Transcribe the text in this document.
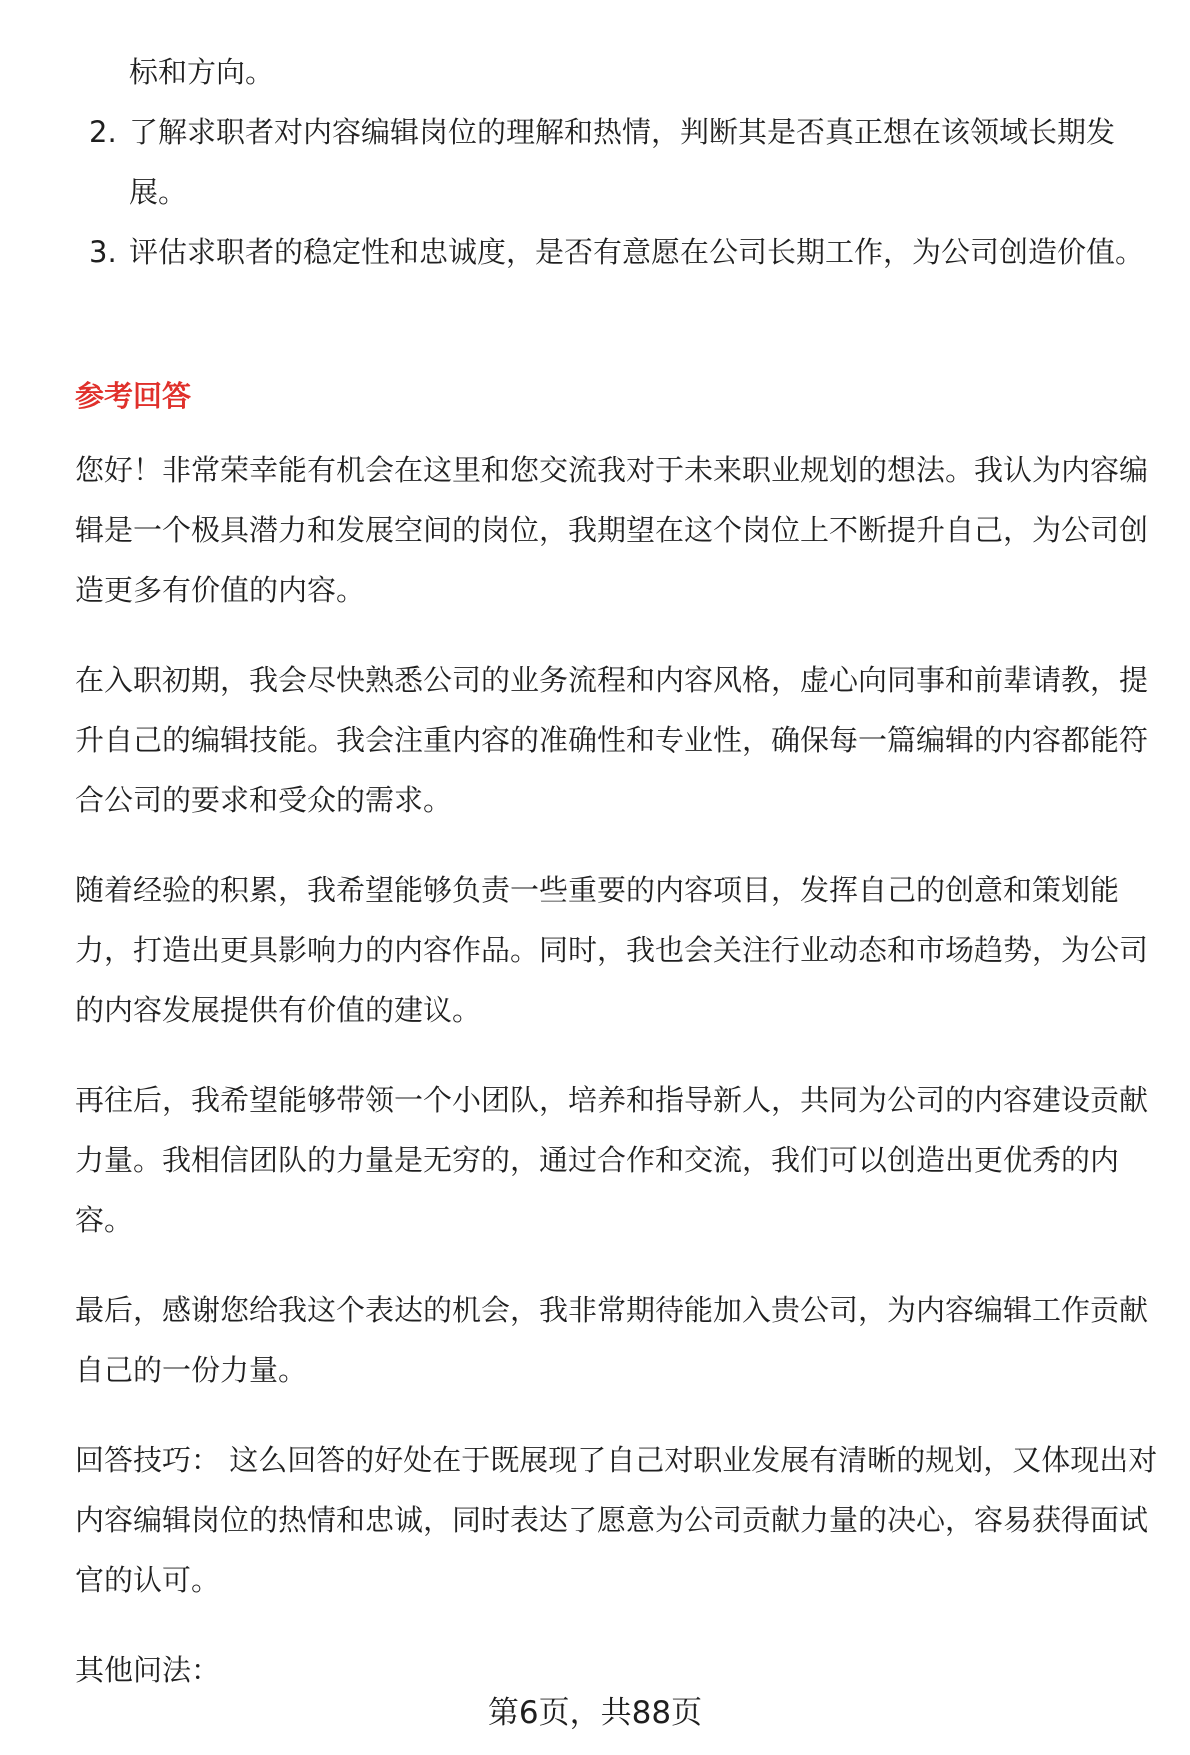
标和方向。
2. 了解求职者对内容编辑岗位的理解和热情，判断其是否真正想在该领域长期发展。
3. 评估求职者的稳定性和忠诚度，是否有意愿在公司长期工作，为公司创造价值。
参考回答

您好！非常荣幸能有机会在这里和您交流我对于未来职业规划的想法。我认为内容编辑是一个极具潜力和发展空间的岗位，我期望在这个岗位上不断提升自己，为公司创造更多有价值的内容。

在入职初期，我会尽快熟悉公司的业务流程和内容风格，虚心向同事和前辈请教，提升自己的编辑技能。我会注重内容的准确性和专业性，确保每一篇编辑的内容都能符合公司的要求和受众的需求。

随着经验的积累，我希望能够负责一些重要的内容项目，发挥自己的创意和策划能力，打造出更具影响力的内容作品。同时，我也会关注行业动态和市场趋势，为公司的内容发展提供有价值的建议。

再往后，我希望能够带领一个小团队，培养和指导新人，共同为公司的内容建设贡献力量。我相信团队的力量是无穷的，通过合作和交流，我们可以创造出更优秀的内容。

最后，感谢您给我这个表达的机会，我非常期待能加入贵公司，为内容编辑工作贡献自己的一份力量。

回答技巧： 这么回答的好处在于既展现了自己对职业发展有清晰的规划，又体现出对内容编辑岗位的热情和忠诚，同时表达了愿意为公司贡献力量的决心，容易获得面试官的认可。

其他问法：

第6页，共88页
